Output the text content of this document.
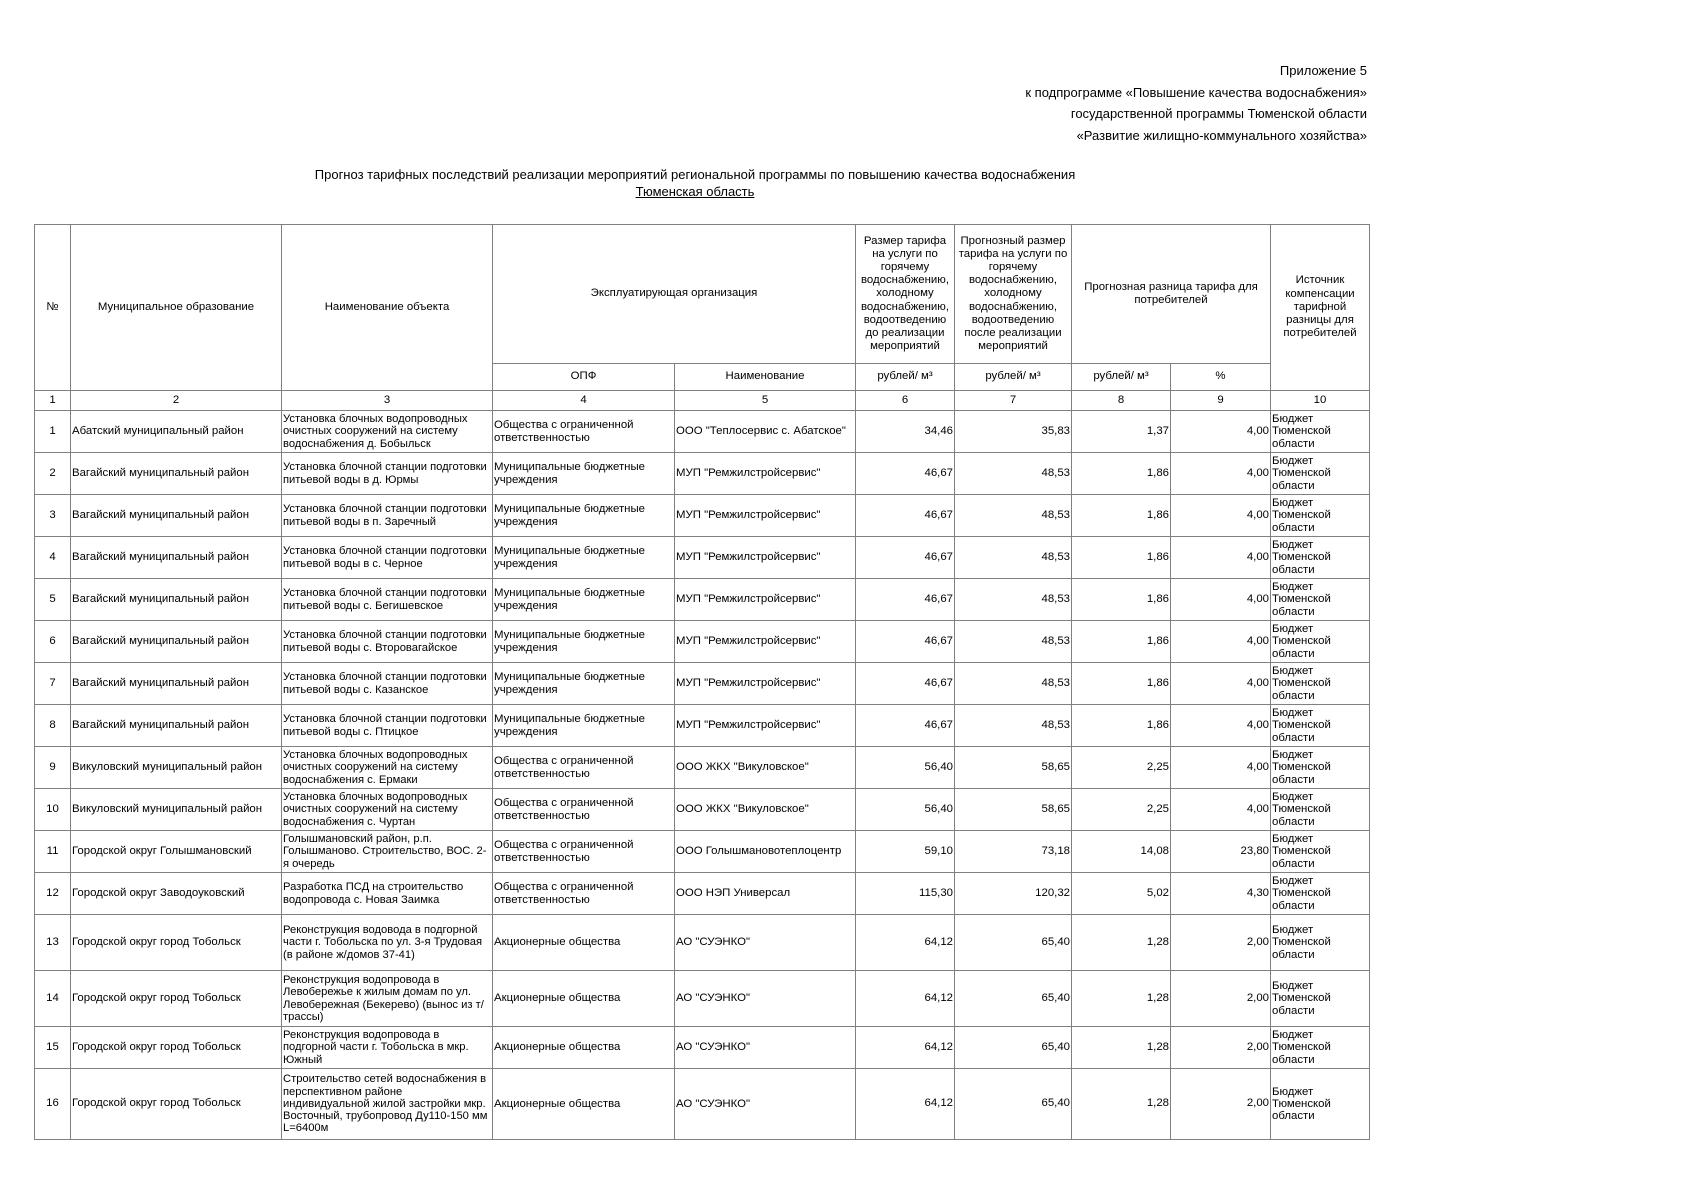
Приложение 5
к подпрограмме «Повышение качества водоснабжения»
государственной программы Тюменской области
«Развитие жилищно-коммунального хозяйства»
Прогноз тарифных последствий реализации мероприятий региональной программы по повышению качества водоснабжения
Тюменская область
№	Муниципальное образование	Наименование объекта	Эксплуатирующая организация		Размер тарифа на услуги по горячему водоснабжению, холодному водоснабжению, водоотведению до реализации мероприятий	Прогнозный размер тарифа на услуги по горячему водоснабжению, холодному водоснабжению, водоотведению после реализации мероприятий	Прогнозная разница тарифа для потребителей		Источник компенсации тарифной разницы для потребителей
			ОПФ	Наименование	рублей/ м³	рублей/ м³	рублей/ м³	%	
1	2	3	4	5	6	7	8	9	10
1	Абатский муниципальный район	Установка блочных водопроводных очистных сооружений на систему водоснабжения д. Бобыльск	Общества с ограниченной ответственностью	ООО "Теплосервис с. Абатское"	34,46	35,83	1,37	4,00	Бюджет Тюменской области
2	Вагайский муниципальный район	Установка блочной станции подготовки питьевой воды в д. Юрмы	Муниципальные бюджетные учреждения	МУП "Ремжилстройсервис"	46,67	48,53	1,86	4,00	Бюджет Тюменской области
3	Вагайский муниципальный район	Установка блочной станции подготовки питьевой воды в п. Заречный	Муниципальные бюджетные учреждения	МУП "Ремжилстройсервис"	46,67	48,53	1,86	4,00	Бюджет Тюменской области
4	Вагайский муниципальный район	Установка блочной станции подготовки питьевой воды в с. Черное	Муниципальные бюджетные учреждения	МУП "Ремжилстройсервис"	46,67	48,53	1,86	4,00	Бюджет Тюменской области
5	Вагайский муниципальный район	Установка блочной станции подготовки питьевой воды с. Бегишевское	Муниципальные бюджетные учреждения	МУП "Ремжилстройсервис"	46,67	48,53	1,86	4,00	Бюджет Тюменской области
6	Вагайский муниципальный район	Установка блочной станции подготовки питьевой воды с. Второвагайское	Муниципальные бюджетные учреждения	МУП "Ремжилстройсервис"	46,67	48,53	1,86	4,00	Бюджет Тюменской области
7	Вагайский муниципальный район	Установка блочной станции подготовки питьевой воды с. Казанское	Муниципальные бюджетные учреждения	МУП "Ремжилстройсервис"	46,67	48,53	1,86	4,00	Бюджет Тюменской области
8	Вагайский муниципальный район	Установка блочной станции подготовки питьевой воды с. Птицкое	Муниципальные бюджетные учреждения	МУП "Ремжилстройсервис"	46,67	48,53	1,86	4,00	Бюджет Тюменской области
9	Викуловский муниципальный район	Установка блочных водопроводных очистных сооружений на систему водоснабжения с. Ермаки	Общества с ограниченной ответственностью	ООО ЖКХ "Викуловское"	56,40	58,65	2,25	4,00	Бюджет Тюменской области
10	Викуловский муниципальный район	Установка блочных водопроводных очистных сооружений на систему водоснабжения с. Чуртан	Общества с ограниченной ответственностью	ООО ЖКХ "Викуловское"	56,40	58,65	2,25	4,00	Бюджет Тюменской области
11	Городской округ Голышмановский	Голышмановский район, р.п. Голышманово. Строительство, ВОС. 2-я очередь	Общества с ограниченной ответственностью	ООО Голышмановотеплоцентр	59,10	73,18	14,08	23,80	Бюджет Тюменской области
12	Городской округ Заводоуковский	Разработка ПСД на строительство водопровода с. Новая Заимка	Общества с ограниченной ответственностью	ООО НЭП Универсал	115,30	120,32	5,02	4,30	Бюджет Тюменской области
13	Городской округ город Тобольск	Реконструкция водовода в подгорной части г. Тобольска по ул. 3-я Трудовая (в районе ж/домов 37-41)	Акционерные общества	АО "СУЭНКО"	64,12	65,40	1,28	2,00	Бюджет Тюменской области
14	Городской округ город Тобольск	Реконструкция водопровода в Левобережье к жилым домам по ул. Левобережная (Бекерево) (вынос из т/трассы)	Акционерные общества	АО "СУЭНКО"	64,12	65,40	1,28	2,00	Бюджет Тюменской области
15	Городской округ город Тобольск	Реконструкция водопровода в подгорной части г. Тобольска в мкр. Южный	Акционерные общества	АО "СУЭНКО"	64,12	65,40	1,28	2,00	Бюджет Тюменской области
16	Городской округ город Тобольск	Строительство сетей водоснабжения в перспективном районе индивидуальной жилой застройки мкр. Восточный, трубопровод Ду110-150 мм L=6400м	Акционерные общества	АО "СУЭНКО"	64,12	65,40	1,28	2,00	Бюджет Тюменской области
